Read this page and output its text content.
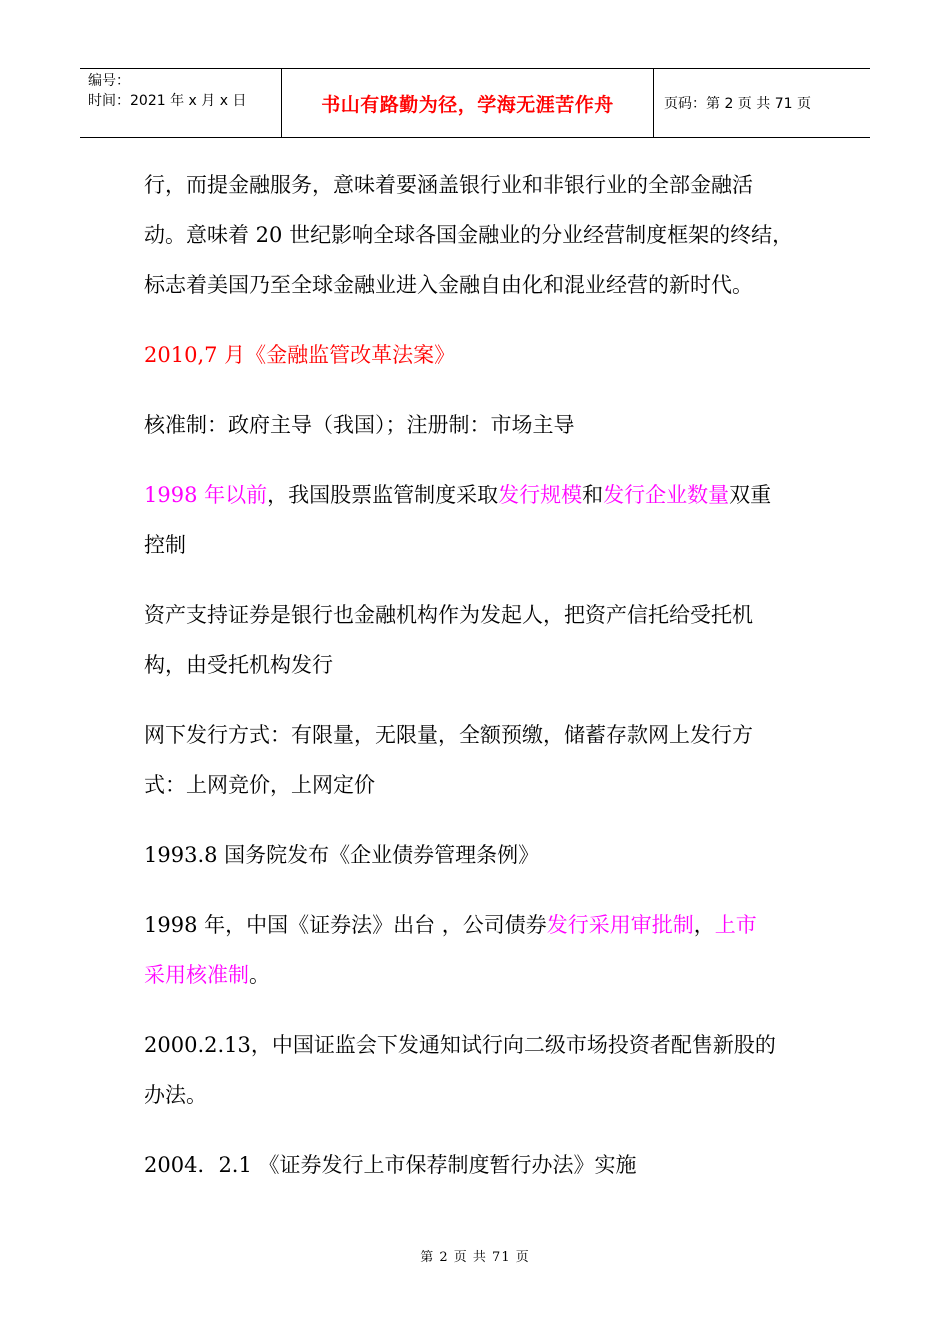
编号：
时间：2021 年 x 月 x 日	书山有路勤为径，学海无涯苦作舟	页码：第 2 页 共 71 页
行，而提金融服务，意味着要涵盖银行业和非银行业的全部金融活
动。意味着 20 世纪影响全球各国金融业的分业经营制度框架的终结，
标志着美国乃至全球金融业进入金融自由化和混业经营的新时代。
2010,7 月《金融监管改革法案》
核准制：政府主导（我国）；注册制：市场主导
1998 年以前，我国股票监管制度采取发行规模和发行企业数量双重
控制
资产支持证券是银行也金融机构作为发起人，把资产信托给受托机
构，由受托机构发行
网下发行方式：有限量，无限量，全额预缴，储蓄存款网上发行方
式：上网竞价，上网定价
1993.8 国务院发布《企业债券管理条例》
1998 年，中国《证券法》出台 ，公司债券发行采用审批制，上市
采用核准制。
2000.2.13，中国证监会下发通知试行向二级市场投资者配售新股的
办法。
2004．2.1 《证券发行上市保荐制度暂行办法》实施
第 2 页 共 71 页
